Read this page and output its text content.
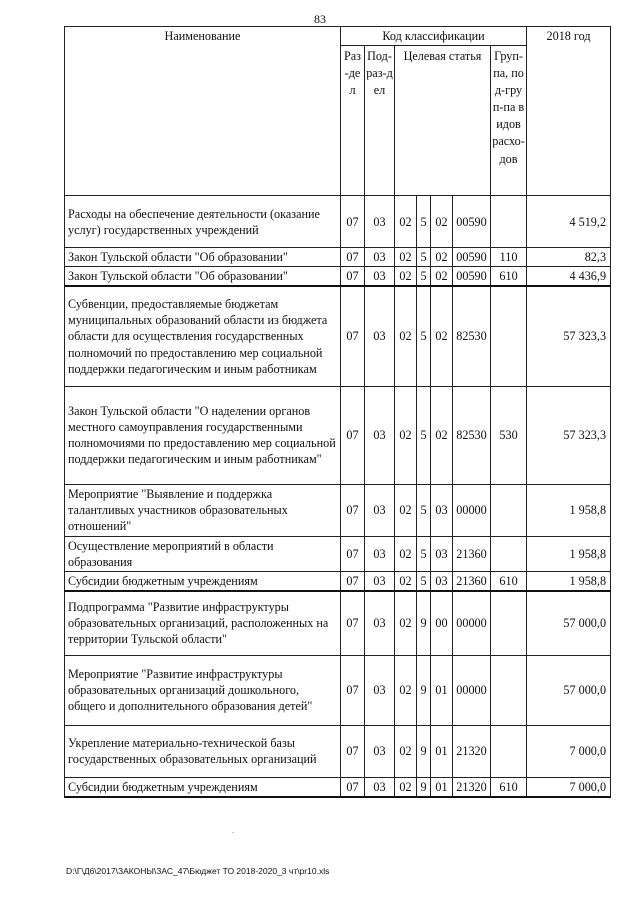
83
Наименование	Код классификации							2018 год

	Раз-дел	Под-раз-дел	Целевая статья				Груп-па, под-груп-па видов расхо-дов	

Расходы на обеспечение деятельности (оказание услуг) государственных учреждений	07	03	02	5	02	00590		4 519,2
Закон Тульской области "Об образовании"	07	03	02	5	02	00590	110	82,3
Закон Тульской области "Об образовании"	07	03	02	5	02	00590	610	4 436,9
Субвенции, предоставляемые бюджетам муниципальных образований области из бюджета области для осуществления государственных полномочий по предоставлению мер социальной поддержки педагогическим и иным работникам	07	03	02	5	02	82530		57 323,3
Закон Тульской области "О наделении органов местного самоуправления государственными полномочиями по предоставлению мер социальной поддержки педагогическим и иным работникам"	07	03	02	5	02	82530	530	57 323,3
Мероприятие "Выявление и поддержка талантливых участников образовательных отношений"	07	03	02	5	03	00000		1 958,8
Осуществление мероприятий в области образования	07	03	02	5	03	21360		1 958,8
Субсидии бюджетным учреждениям	07	03	02	5	03	21360	610	1 958,8
Подпрограмма "Развитие инфраструктуры образовательных организаций, расположенных на территории Тульской области"	07	03	02	9	00	00000		57 000,0
Мероприятие "Развитие инфраструктуры образовательных организаций дошкольного, общего и дополнительного образования детей"	07	03	02	9	01	00000		57 000,0
Укрепление материально-технической базы государственных образовательных организаций	07	03	02	9	01	21320		7 000,0
Субсидии бюджетным учреждениям	07	03	02	9	01	21320	610	7 000,0
.
D:\Г\Д6\2017\ЗАКОНЫ\ЗАС_47\Бюджет ТО 2018-2020_3 чт\pr10.xls
